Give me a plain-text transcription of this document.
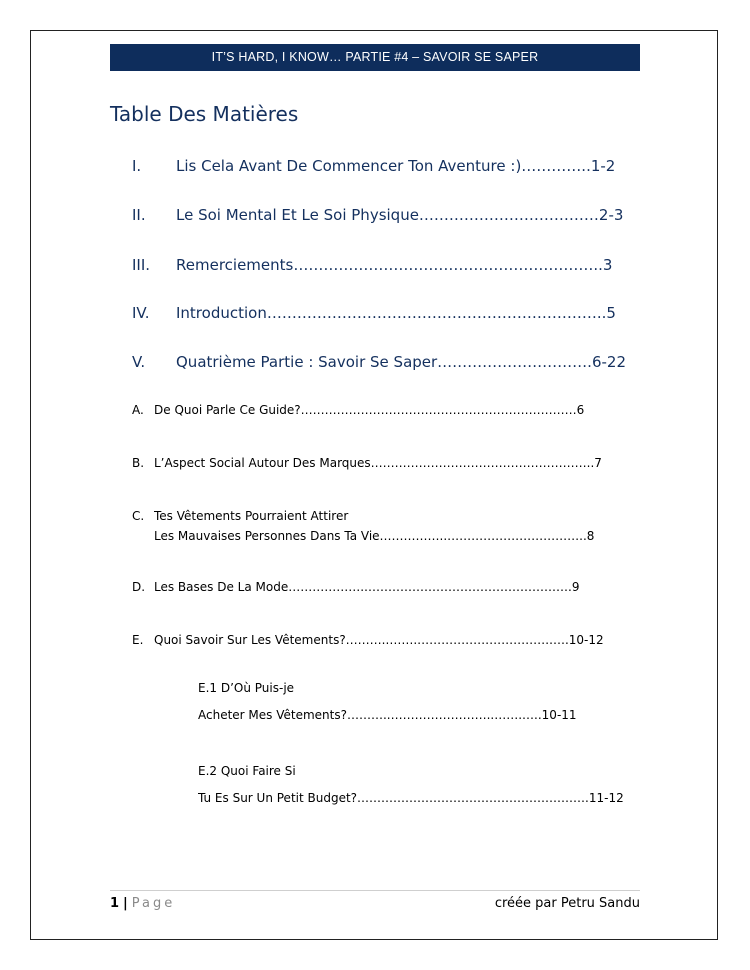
IT’S HARD, I KNOW… PARTIE #4 – SAVOIR SE SAPER
Table Des Matières
I. Lis Cela Avant De Commencer Ton Aventure :)…………..1-2
II. Le Soi Mental Et Le Soi Physique………………………………2-3
III. Remerciements……………………………………………………..3
IV. Introduction…………………………………………………………..5
V. Quatrième Partie : Savoir Se Saper………………………….6-22
A. De Quoi Parle Ce Guide?……………………………………………………………6
B. L’Aspect Social Autour Des Marques………………………………………………..7
C. Tes Vêtements Pourraient Attirer
Les Mauvaises Personnes Dans Ta Vie……………..……………………………..8
D. Les Bases De La Mode……………….…………………………………………….9
E. Quoi Savoir Sur Les Vêtements?………..…….…………………………….….10-12
E.1 D’Où Puis-je
Acheter Mes Vêtements?………..……………………..…….…..10-11
E.2 Quoi Faire Si
Tu Es Sur Un Petit Budget?………………………………………………….11-12
1 | Page	créée par Petru Sandu
